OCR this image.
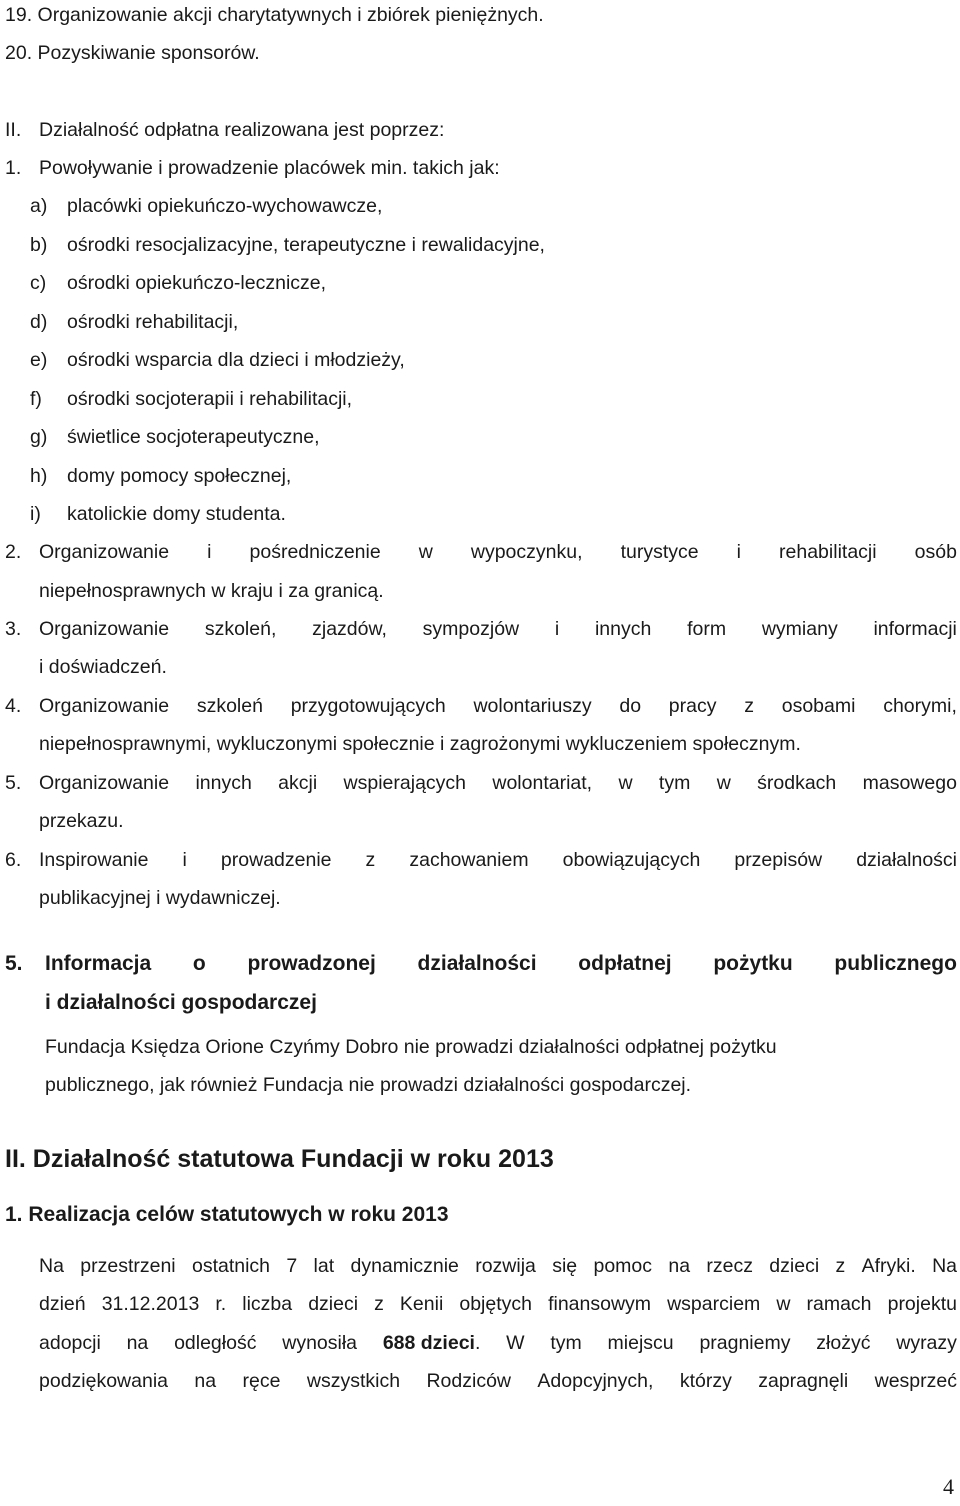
19. Organizowanie akcji charytatywnych i zbiórek pieniężnych.
20. Pozyskiwanie sponsorów.
II. Działalność odpłatna realizowana jest poprzez:
1. Powoływanie i prowadzenie placówek min. takich jak:
a) placówki opiekuńczo-wychowawcze,
b) ośrodki resocjalizacyjne, terapeutyczne i rewalidacyjne,
c) ośrodki opiekuńczo-lecznicze,
d) ośrodki rehabilitacji,
e) ośrodki wsparcia dla dzieci i młodzieży,
f) ośrodki socjoterapii i rehabilitacji,
g) świetlice socjoterapeutyczne,
h) domy pomocy społecznej,
i) katolickie domy studenta.
2. Organizowanie i pośredniczenie w wypoczynku, turystyce i rehabilitacji osób
niepełnosprawnych w kraju i za granicą.
3. Organizowanie szkoleń, zjazdów, sympozjów i innych form wymiany informacji
i doświadczeń.
4. Organizowanie szkoleń przygotowujących wolontariuszy do pracy z osobami chorymi,
niepełnosprawnymi, wykluczonymi społecznie i zagrożonymi wykluczeniem społecznym.
5. Organizowanie innych akcji wspierających wolontariat, w tym w środkach masowego
przekazu.
6. Inspirowanie i prowadzenie z zachowaniem obowiązujących przepisów działalności
publikacyjnej i wydawniczej.
5. Informacja o prowadzonej działalności odpłatnej pożytku publicznego
i działalności gospodarczej
Fundacja Księdza Orione Czyńmy Dobro nie prowadzi działalności odpłatnej pożytku
publicznego, jak również Fundacja nie prowadzi działalności gospodarczej.
II. Działalność statutowa Fundacji w roku 2013
1. Realizacja celów statutowych w roku 2013
Na przestrzeni ostatnich 7 lat dynamicznie rozwija się pomoc na rzecz dzieci z Afryki. Na
dzień 31.12.2013 r. liczba dzieci z Kenii objętych finansowym wsparciem w ramach projektu
adopcji na odległość wynosiła 688 dzieci. W tym miejscu pragniemy złożyć wyrazy
podziękowania na ręce wszystkich Rodziców Adopcyjnych, którzy zapragnęli wesprzeć
4
